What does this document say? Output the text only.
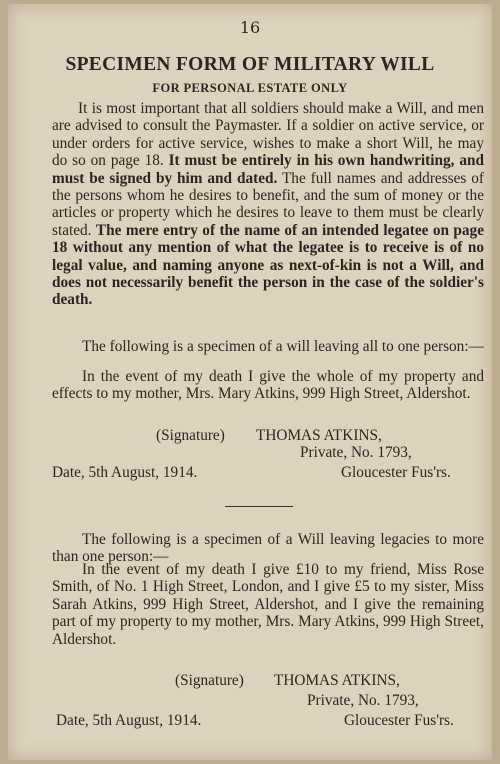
16
SPECIMEN FORM OF MILITARY WILL
FOR PERSONAL ESTATE ONLY
It is most important that all soldiers should make a Will, and men are advised to consult the Paymaster. If a soldier on active service, or under orders for active service, wishes to make a short Will, he may do so on page 18. It must be entirely in his own handwriting, and must be signed by him and dated. The full names and addresses of the persons whom he desires to benefit, and the sum of money or the articles or property which he desires to leave to them must be clearly stated. The mere entry of the name of an intended legatee on page 18 without any mention of what the legatee is to receive is of no legal value, and naming anyone as next-of-kin is not a Will, and does not necessarily benefit the person in the case of the soldier's death.
The following is a specimen of a will leaving all to one person:—
In the event of my death I give the whole of my property and effects to my mother, Mrs. Mary Atkins, 999 High Street, Aldershot.
(Signature) THOMAS ATKINS,
Private, No. 1793,
Date, 5th August, 1914.	Gloucester Fus'rs.
The following is a specimen of a Will leaving legacies to more than one person:—
In the event of my death I give £10 to my friend, Miss Rose Smith, of No. 1 High Street, London, and I give £5 to my sister, Miss Sarah Atkins, 999 High Street, Aldershot, and I give the remaining part of my property to my mother, Mrs. Mary Atkins, 999 High Street, Aldershot.
(Signature) THOMAS ATKINS,
Private, No. 1793,
Date, 5th August, 1914.	Gloucester Fus'rs.
